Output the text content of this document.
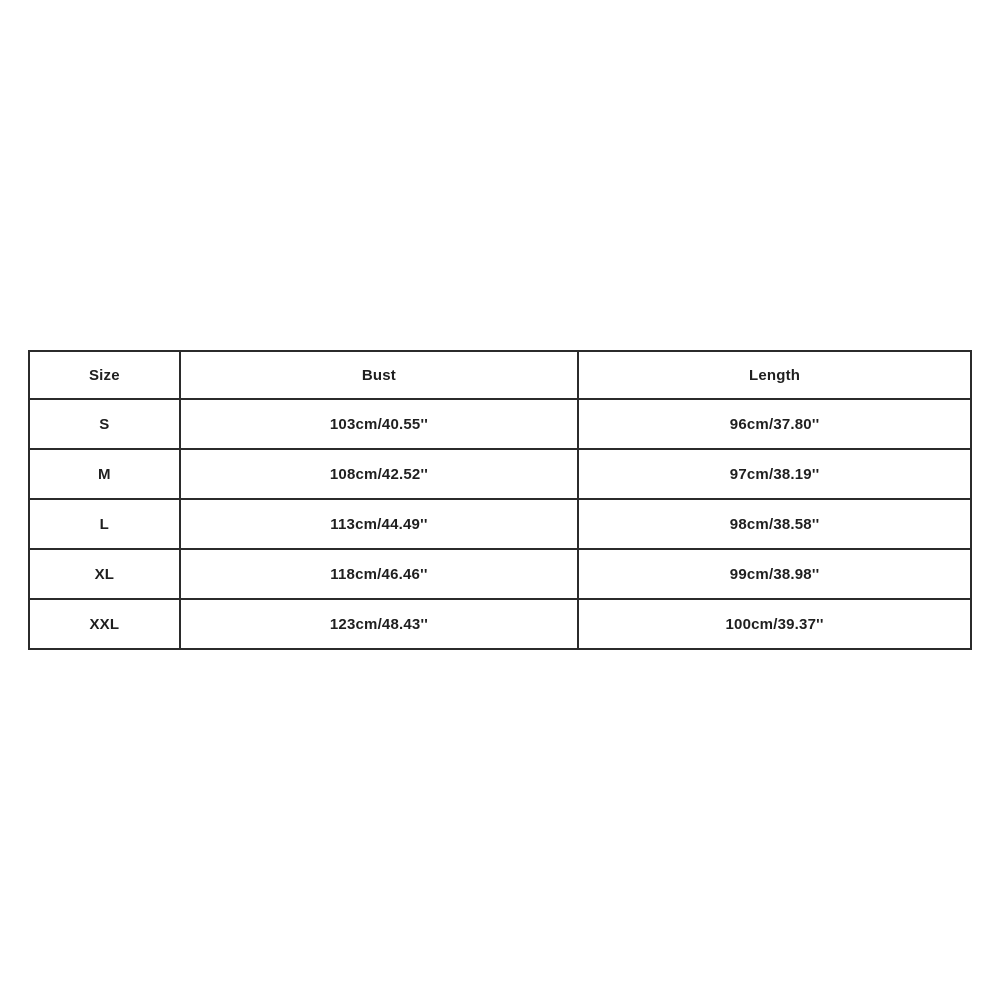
Size	Bust	Length
S	103cm/40.55''	96cm/37.80''
M	108cm/42.52''	97cm/38.19''
L	113cm/44.49''	98cm/38.58''
XL	118cm/46.46''	99cm/38.98''
XXL	123cm/48.43''	100cm/39.37''
